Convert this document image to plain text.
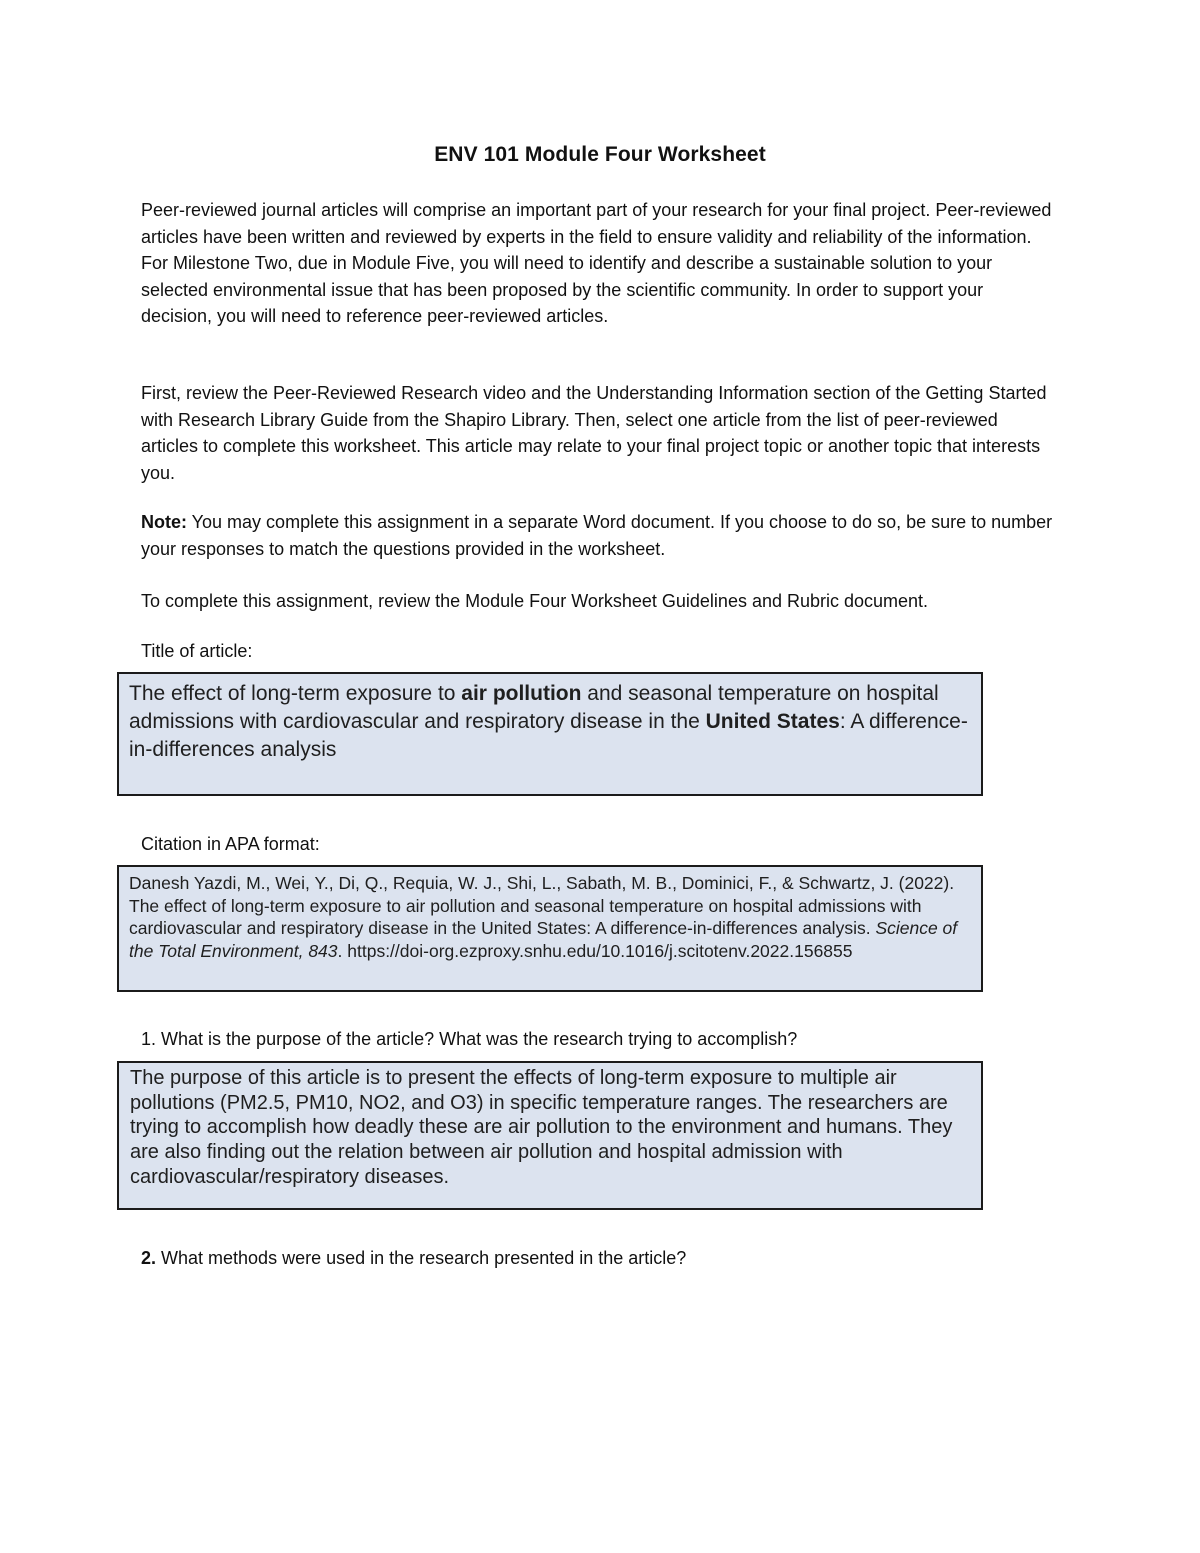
ENV 101 Module Four Worksheet
Peer-reviewed journal articles will comprise an important part of your research for your final project. Peer-reviewed articles have been written and reviewed by experts in the field to ensure validity and reliability of the information. For Milestone Two, due in Module Five, you will need to identify and describe a sustainable solution to your selected environmental issue that has been proposed by the scientific community. In order to support your decision, you will need to reference peer-reviewed articles.
First, review the Peer-Reviewed Research video and the Understanding Information section of the Getting Started with Research Library Guide from the Shapiro Library. Then, select one article from the list of peer-reviewed articles to complete this worksheet. This article may relate to your final project topic or another topic that interests you.
Note: You may complete this assignment in a separate Word document. If you choose to do so, be sure to number your responses to match the questions provided in the worksheet.
To complete this assignment, review the Module Four Worksheet Guidelines and Rubric document.
Title of article:
The effect of long-term exposure to air pollution and seasonal temperature on hospital admissions with cardiovascular and respiratory disease in the United States: A difference-in-differences analysis
Citation in APA format:
Danesh Yazdi, M., Wei, Y., Di, Q., Requia, W. J., Shi, L., Sabath, M. B., Dominici, F., & Schwartz, J. (2022). The effect of long-term exposure to air pollution and seasonal temperature on hospital admissions with cardiovascular and respiratory disease in the United States: A difference-in-differences analysis. Science of the Total Environment, 843. https://doi-org.ezproxy.snhu.edu/10.1016/j.scitotenv.2022.156855
1. What is the purpose of the article? What was the research trying to accomplish?
The purpose of this article is to present the effects of long-term exposure to multiple air pollutions (PM2.5, PM10, NO2, and O3) in specific temperature ranges. The researchers are trying to accomplish how deadly these are air pollution to the environment and humans. They are also finding out the relation between air pollution and hospital admission with cardiovascular/respiratory diseases.
2. What methods were used in the research presented in the article?
